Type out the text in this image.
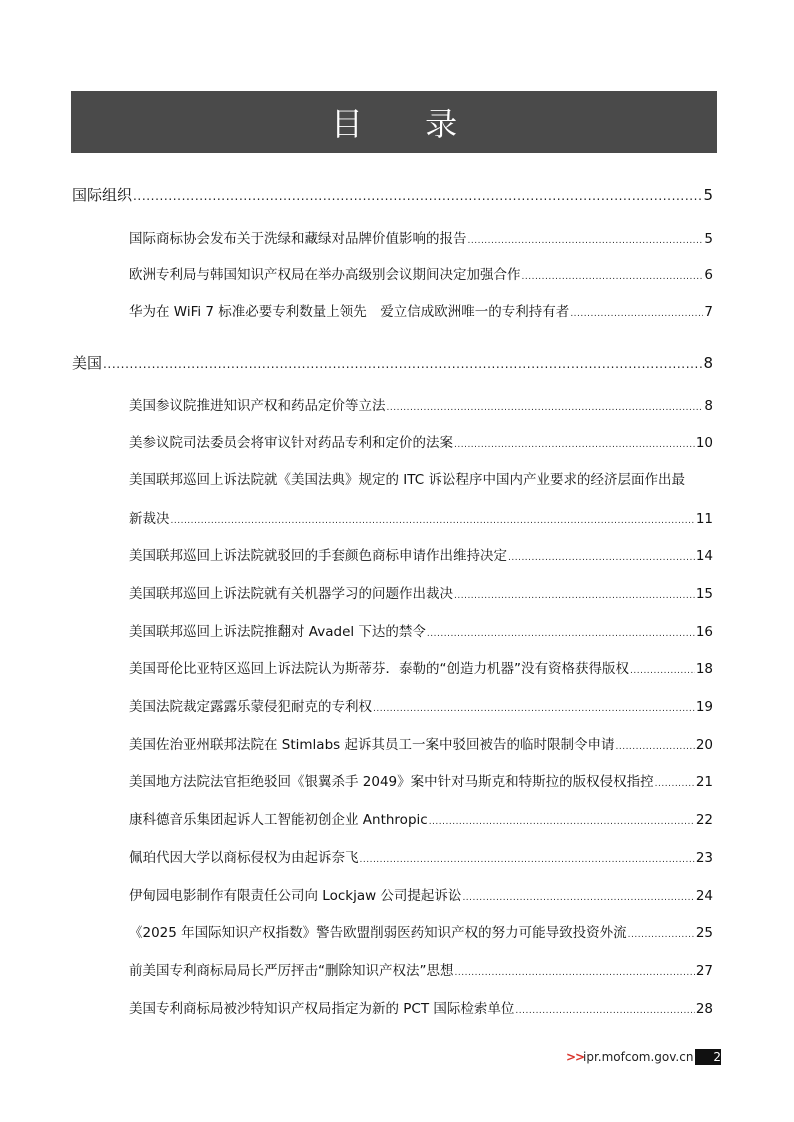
目 录
国际组织 .....	5
国际商标协会发布关于洗绿和藏绿对品牌价值影响的报告 .....	5
欧洲专利局与韩国知识产权局在举办高级别会议期间决定加强合作 .....	6
华为在 WiFi 7 标准必要专利数量上领先　爱立信成欧洲唯一的专利持有者 .....	7
美国 .....	8
美国参议院推进知识产权和药品定价等立法 .....	8
美参议院司法委员会将审议针对药品专利和定价的法案 .....	10
美国联邦巡回上诉法院就《美国法典》规定的 ITC 诉讼程序中国内产业要求的经济层面作出最
新裁决 .....	11
美国联邦巡回上诉法院就驳回的手套颜色商标申请作出维持决定 .....	14
美国联邦巡回上诉法院就有关机器学习的问题作出裁决 .....	15
美国联邦巡回上诉法院推翻对 Avadel 下达的禁令 .....	16
美国哥伦比亚特区巡回上诉法院认为斯蒂芬．泰勒的“创造力机器”没有资格获得版权 .....	18
美国法院裁定露露乐蒙侵犯耐克的专利权 .....	19
美国佐治亚州联邦法院在 Stimlabs 起诉其员工一案中驳回被告的临时限制令申请 .....	20
美国地方法院法官拒绝驳回《银翼杀手 2049》案中针对马斯克和特斯拉的版权侵权指控 .....	21
康科德音乐集团起诉人工智能初创企业 Anthropic .....	22
佩珀代因大学以商标侵权为由起诉奈飞 .....	23
伊甸园电影制作有限责任公司向 Lockjaw 公司提起诉讼 .....	24
《2025 年国际知识产权指数》警告欧盟削弱医药知识产权的努力可能导致投资外流 .....	25
前美国专利商标局局长严厉抨击“删除知识产权法”思想 .....	27
美国专利商标局被沙特知识产权局指定为新的 PCT 国际检索单位 .....	28
>>
ipr.mofcom.gov.cn	2
